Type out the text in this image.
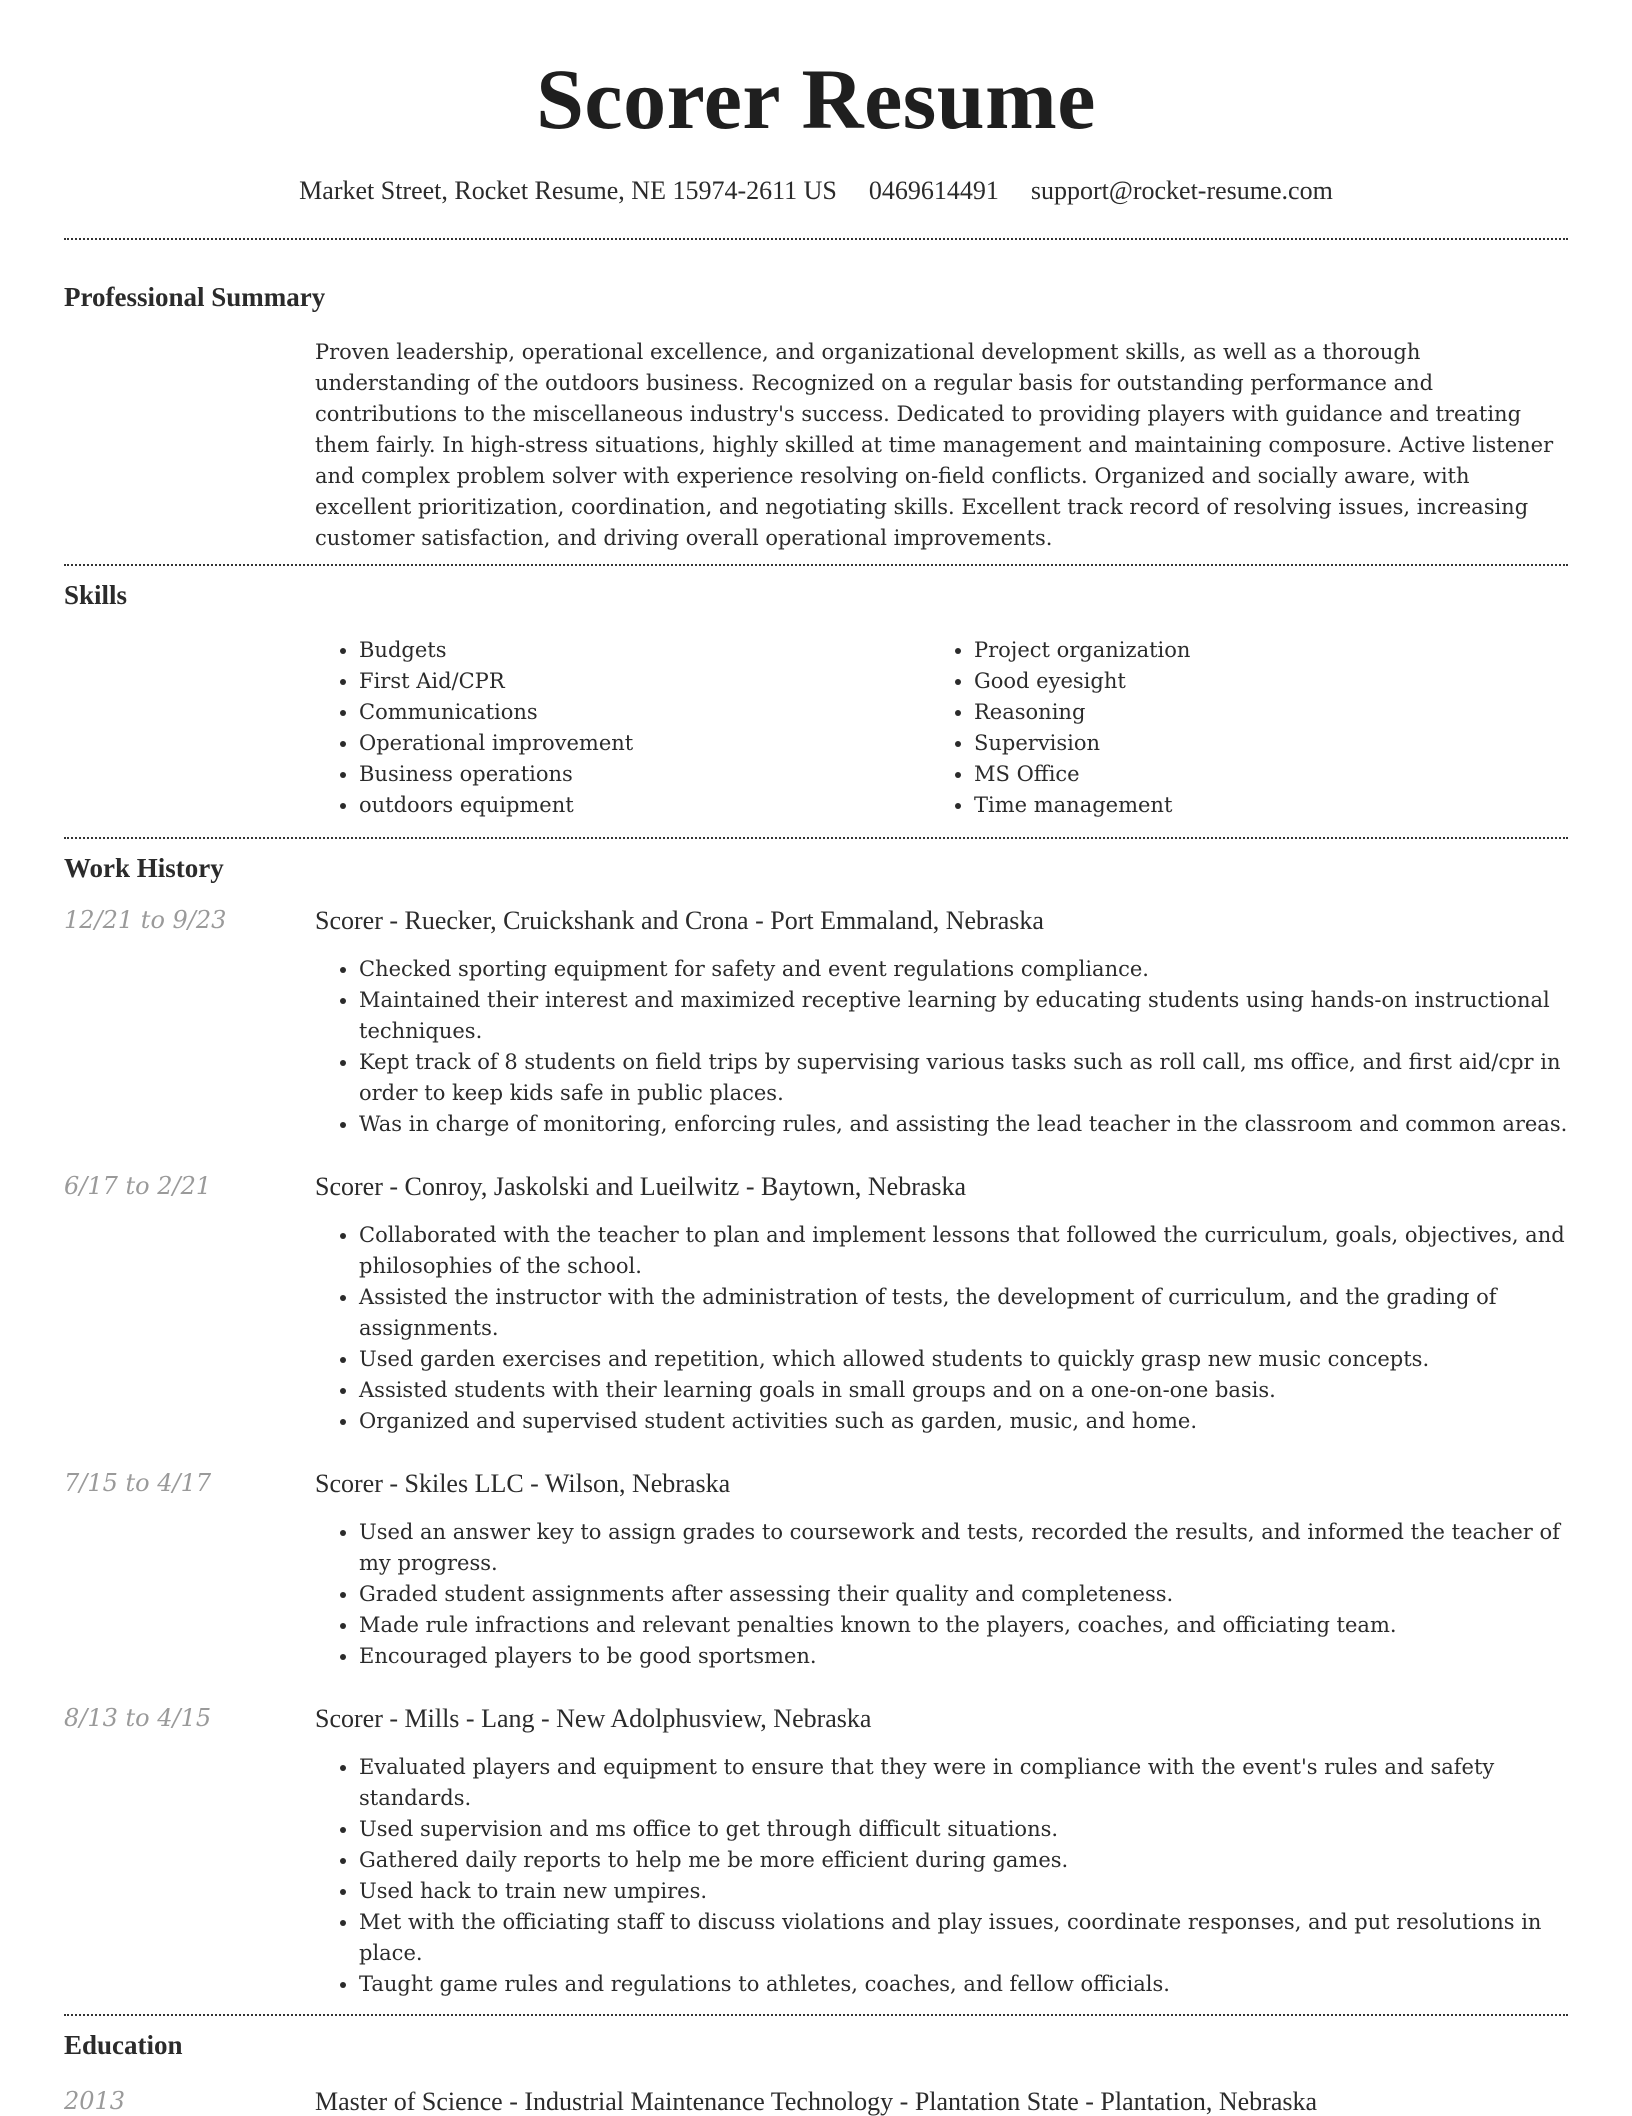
Scorer Resume
Market Street, Rocket Resume, NE 15974-2611 US 0469614491 support@rocket-resume.com
Professional Summary

Proven leadership, operational excellence, and organizational development skills, as well as a thorough understanding of the outdoors business. Recognized on a regular basis for outstanding performance and contributions to the miscellaneous industry's success. Dedicated to providing players with guidance and treating them fairly. In high-stress situations, highly skilled at time management and maintaining composure. Active listener and complex problem solver with experience resolving on-field conflicts. Organized and socially aware, with excellent prioritization, coordination, and negotiating skills. Excellent track record of resolving issues, increasing customer satisfaction, and driving overall operational improvements.

Skills
• Budgets
• First Aid/CPR
• Communications
• Operational improvement
• Business operations
• outdoors equipment
• Project organization
• Good eyesight
• Reasoning
• Supervision
• MS Office
• Time management
Work History
12/21 to 9/23	Scorer - Ruecker, Cruickshank and Crona - Port Emmaland, Nebraska
• Checked sporting equipment for safety and event regulations compliance.
• Maintained their interest and maximized receptive learning by educating students using hands-on instructional techniques.
• Kept track of 8 students on field trips by supervising various tasks such as roll call, ms office, and first aid/cpr in order to keep kids safe in public places.
• Was in charge of monitoring, enforcing rules, and assisting the lead teacher in the classroom and common areas.
6/17 to 2/21	Scorer - Conroy, Jaskolski and Lueilwitz - Baytown, Nebraska
• Collaborated with the teacher to plan and implement lessons that followed the curriculum, goals, objectives, and philosophies of the school.
• Assisted the instructor with the administration of tests, the development of curriculum, and the grading of assignments.
• Used garden exercises and repetition, which allowed students to quickly grasp new music concepts.
• Assisted students with their learning goals in small groups and on a one-on-one basis.
• Organized and supervised student activities such as garden, music, and home.
7/15 to 4/17	Scorer - Skiles LLC - Wilson, Nebraska
• Used an answer key to assign grades to coursework and tests, recorded the results, and informed the teacher of my progress.
• Graded student assignments after assessing their quality and completeness.
• Made rule infractions and relevant penalties known to the players, coaches, and officiating team.
• Encouraged players to be good sportsmen.
8/13 to 4/15	Scorer - Mills - Lang - New Adolphusview, Nebraska
• Evaluated players and equipment to ensure that they were in compliance with the event's rules and safety standards.
• Used supervision and ms office to get through difficult situations.
• Gathered daily reports to help me be more efficient during games.
• Used hack to train new umpires.
• Met with the officiating staff to discuss violations and play issues, coordinate responses, and put resolutions in place.
• Taught game rules and regulations to athletes, coaches, and fellow officials.
Education
2013	Master of Science - Industrial Maintenance Technology - Plantation State - Plantation, Nebraska
